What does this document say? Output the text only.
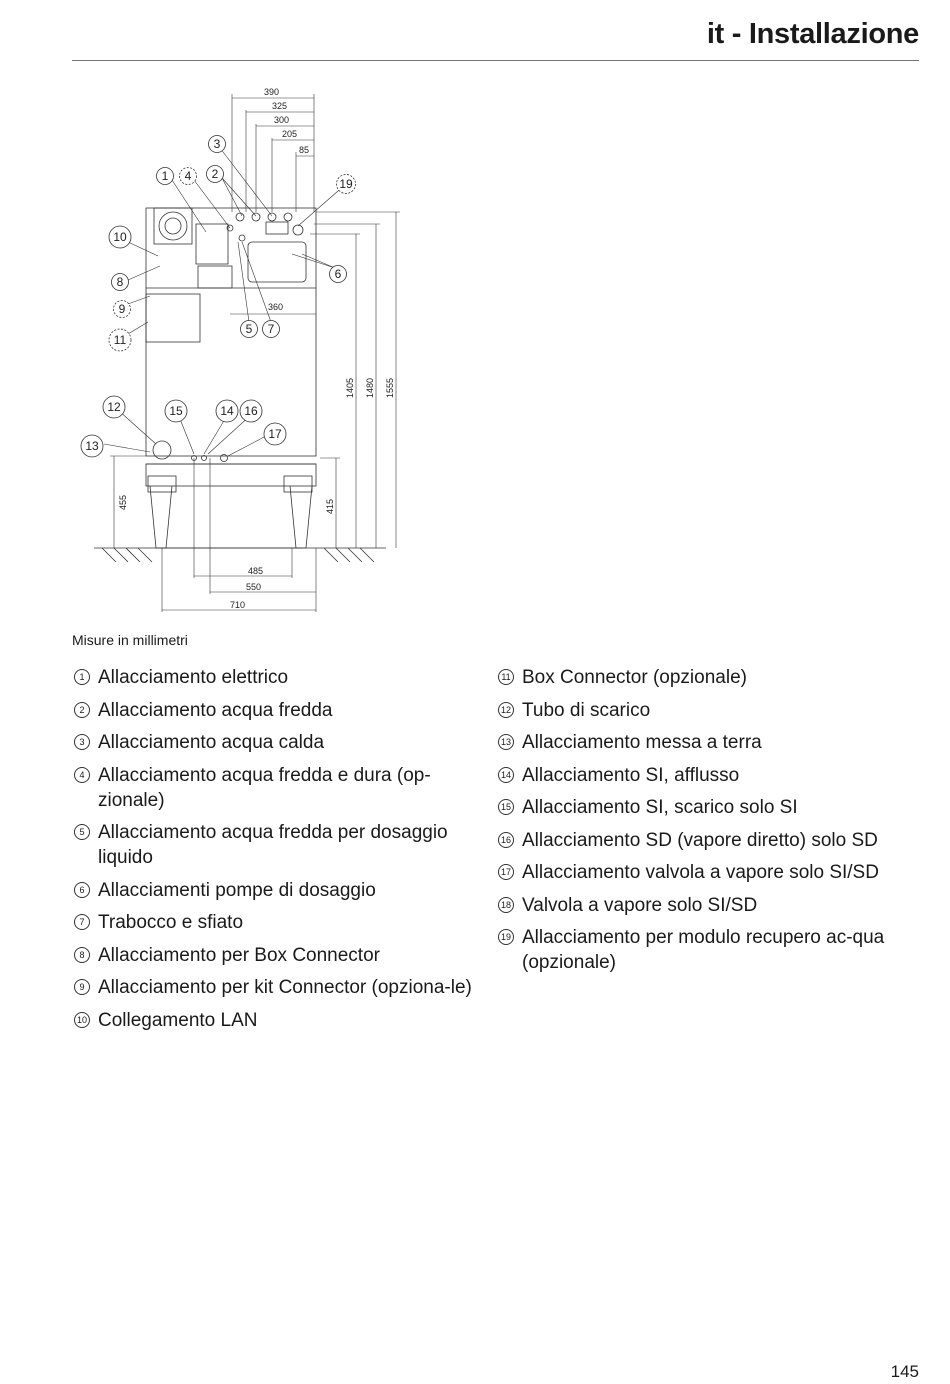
it - Installazione
390
325
300
205
85
360
1405 1480 1555
415
455
485
550
710
1	2
3
4
5
6
7
8
9
10
11
12
13
14
15	16
17
19
Misure in millimetri
1 Allacciamento elettrico
2 Allacciamento acqua fredda
3 Allacciamento acqua calda
4 Allacciamento acqua fredda e dura (op-zionale)
5 Allacciamento acqua fredda per dosaggio liquido
6 Allacciamenti pompe di dosaggio
7 Trabocco e sfiato
8 Allacciamento per Box Connector
9 Allacciamento per kit Connector (opziona-le)
10 Collegamento LAN
11 Box Connector (opzionale)
12 Tubo di scarico
13 Allacciamento messa a terra
14 Allacciamento SI, afflusso
15 Allacciamento SI, scarico solo SI
16 Allacciamento SD (vapore diretto) solo SD
17 Allacciamento valvola a vapore solo SI/SD
18 Valvola a vapore solo SI/SD
19 Allacciamento per modulo recupero ac-qua (opzionale)
145
